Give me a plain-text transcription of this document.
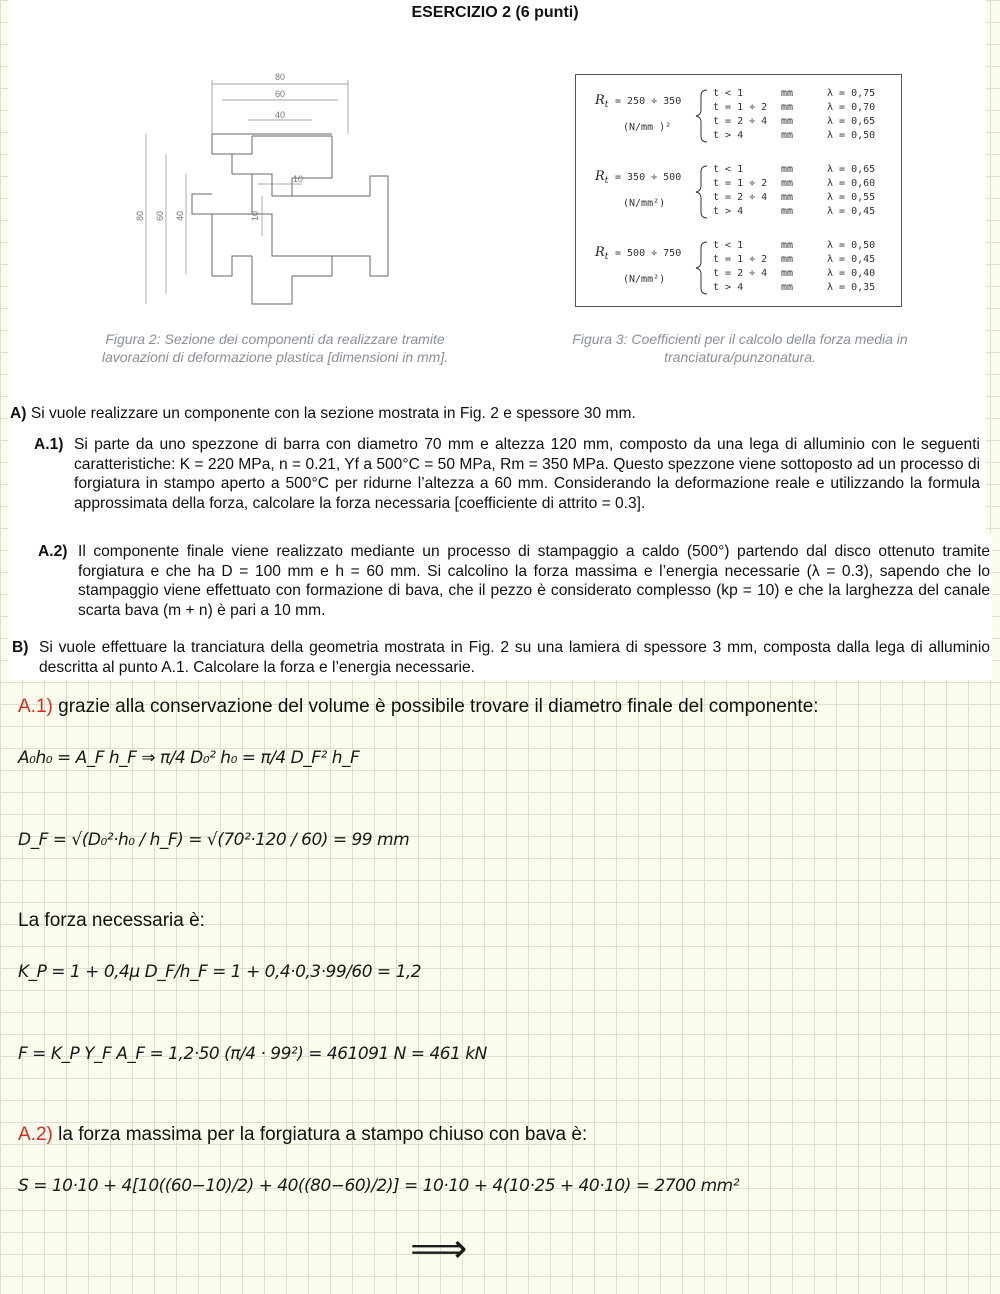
ESERCIZIO 2 (6 punti)
80
60
40
10
80 60 40	10
Figura 2: Sezione dei componenti da realizzare tramite
lavorazioni di deformazione plastica [dimensioni in mm].
$R_t = 250 \div 350$
(N/mm )²
t < 1	mm	λ = 0,75
t = 1 ÷ 2 mm	λ = 0,70
t = 2 ÷ 4 mm	λ = 0,65
t > 4	mm	λ = 0,50
$R_t = 350 \div 500$
(N/mm²)
t < 1	mm	λ = 0,65
t = 1 ÷ 2 mm	λ = 0,60
t = 2 ÷ 4 mm	λ = 0,55
t > 4	mm	λ = 0,45
$R_t = 500 \div 750$
(N/mm²)
t < 1	mm	λ = 0,50
t = 1 ÷ 2 mm	λ = 0,45
t = 2 ÷ 4 mm	λ = 0,40
t > 4	mm	λ = 0,35
Figura 3: Coefficienti per il calcolo della forza media in
tranciatura/punzonatura.
A) Si vuole realizzare un componente con la sezione mostrata in Fig. 2 e spessore 30 mm.
A.1) Si parte da uno spezzone di barra con diametro 70 mm e altezza 120 mm, composto da una lega di alluminio con le seguenti caratteristiche: K = 220 MPa, n = 0.21, Yf a 500°C = 50 MPa, Rm = 350 MPa. Questo spezzone viene sottoposto ad un processo di forgiatura in stampo aperto a 500°C per ridurne l’altezza a 60 mm. Considerando la deformazione reale e utilizzando la formula approssimata della forza, calcolare la forza necessaria [coefficiente di attrito = 0.3].
A.2) Il componente finale viene realizzato mediante un processo di stampaggio a caldo (500°) partendo dal disco ottenuto tramite forgiatura e che ha D = 100 mm e h = 60 mm. Si calcolino la forza massima e l’energia necessarie (λ = 0.3), sapendo che lo stampaggio viene effettuato con formazione di bava, che il pezzo è considerato complesso (kp = 10) e che la larghezza del canale scarta bava (m + n) è pari a 10 mm.
B) Si vuole effettuare la tranciatura della geometria mostrata in Fig. 2 su una lamiera di spessore 3 mm, composta dalla lega di alluminio descritta al punto A.1. Calcolare la forza e l’energia necessarie.
A.1) grazie alla conservazione del volume è possibile trovare il diametro finale del componente:
A₀h₀ = A_F h_F ⇒ π/4 D₀² h₀ = π/4 D_F² h_F
D_F = √(D₀²·h₀ / h_F) = √(70²·120 / 60) = 99 mm
La forza necessaria è:
K_P = 1 + 0,4μ D_F/h_F = 1 + 0,4·0,3·99/60 = 1,2
F = K_P Y_F A_F = 1,2·50 (π/4 · 99²) = 461091 N = 461 kN
A.2) la forza massima per la forgiatura a stampo chiuso con bava è:
S = 10·10 + 4[10((60−10)/2) + 40((80−60)/2)] = 10·10 + 4(10·25 + 40·10) = 2700 mm²
⟹
